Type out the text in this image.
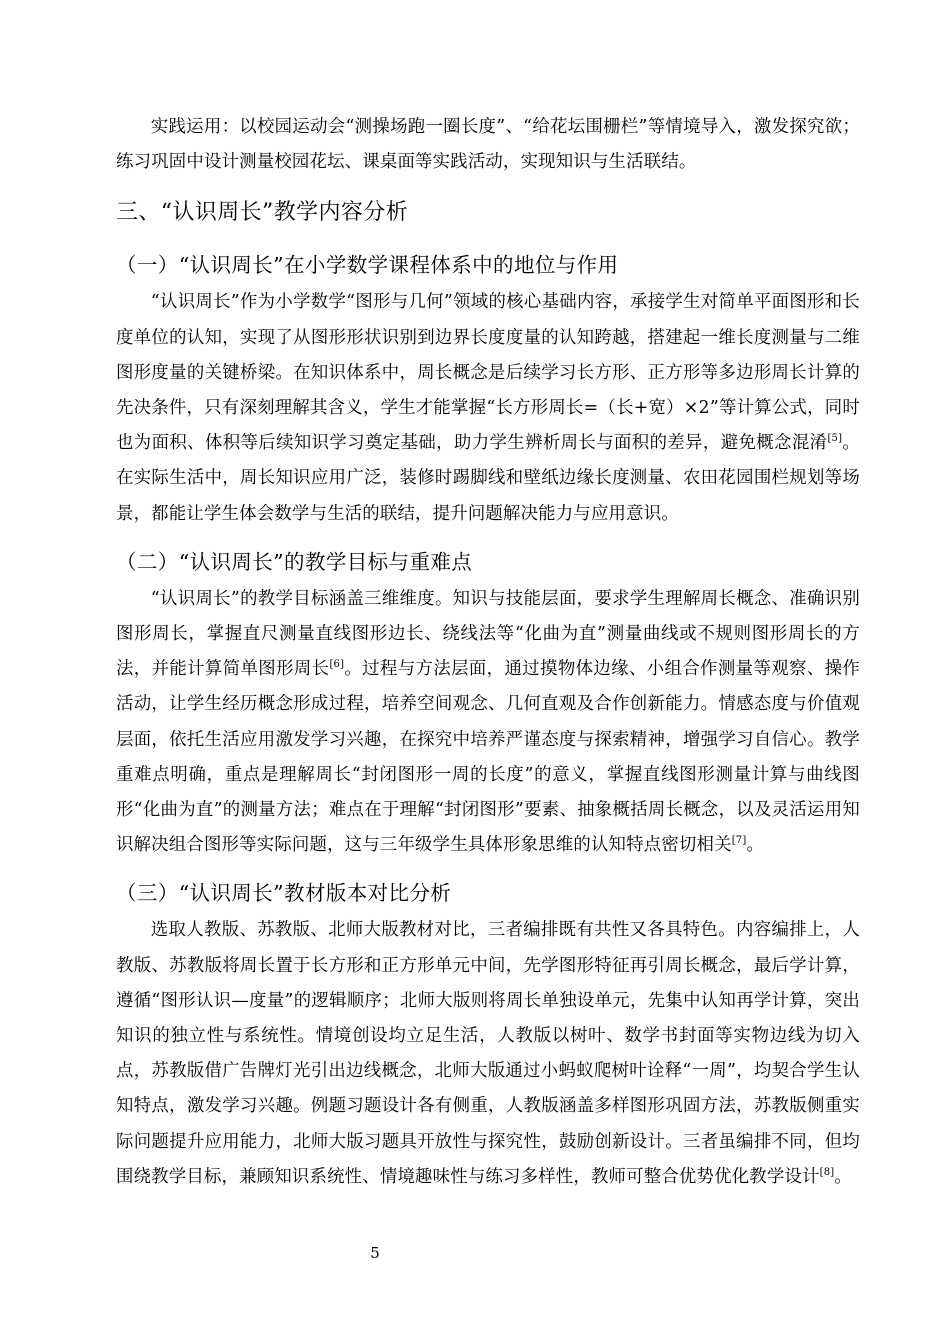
实践运用：以校园运动会“测操场跑一圈长度”、“给花坛围栅栏”等情境导入，激发探究欲；练习巩固中设计测量校园花坛、课桌面等实践活动，实现知识与生活联结。

三、“认识周长”教学内容分析
（一）“认识周长”在小学数学课程体系中的地位与作用

“认识周长”作为小学数学“图形与几何”领域的核心基础内容，承接学生对简单平面图形和长度单位的认知，实现了从图形形状识别到边界长度度量的认知跨越，搭建起一维长度测量与二维图形度量的关键桥梁。在知识体系中，周长概念是后续学习长方形、正方形等多边形周长计算的先决条件，只有深刻理解其含义，学生才能掌握“长方形周长=（长+宽）×2”等计算公式，同时也为面积、体积等后续知识学习奠定基础，助力学生辨析周长与面积的差异，避免概念混淆[5]。在实际生活中，周长知识应用广泛，装修时踢脚线和壁纸边缘长度测量、农田花园围栏规划等场景，都能让学生体会数学与生活的联结，提升问题解决能力与应用意识。

（二）“认识周长”的教学目标与重难点

“认识周长”的教学目标涵盖三维维度。知识与技能层面，要求学生理解周长概念、准确识别图形周长，掌握直尺测量直线图形边长、绕线法等“化曲为直”测量曲线或不规则图形周长的方法，并能计算简单图形周长[6]。过程与方法层面，通过摸物体边缘、小组合作测量等观察、操作活动，让学生经历概念形成过程，培养空间观念、几何直观及合作创新能力。情感态度与价值观层面，依托生活应用激发学习兴趣，在探究中培养严谨态度与探索精神，增强学习自信心。教学重难点明确，重点是理解周长“封闭图形一周的长度”的意义，掌握直线图形测量计算与曲线图形“化曲为直”的测量方法；难点在于理解“封闭图形”要素、抽象概括周长概念，以及灵活运用知识解决组合图形等实际问题，这与三年级学生具体形象思维的认知特点密切相关[7]。

（三）“认识周长”教材版本对比分析

选取人教版、苏教版、北师大版教材对比，三者编排既有共性又各具特色。内容编排上，人教版、苏教版将周长置于长方形和正方形单元中间，先学图形特征再引周长概念，最后学计算，遵循“图形认识—度量”的逻辑顺序；北师大版则将周长单独设单元，先集中认知再学计算，突出知识的独立性与系统性。情境创设均立足生活，人教版以树叶、数学书封面等实物边线为切入点，苏教版借广告牌灯光引出边线概念，北师大版通过小蚂蚁爬树叶诠释“一周”，均契合学生认知特点，激发学习兴趣。例题习题设计各有侧重，人教版涵盖多样图形巩固方法，苏教版侧重实际问题提升应用能力，北师大版习题具开放性与探究性，鼓励创新设计。三者虽编排不同，但均围绕教学目标，兼顾知识系统性、情境趣味性与练习多样性，教师可整合优势优化教学设计[8]。

5
